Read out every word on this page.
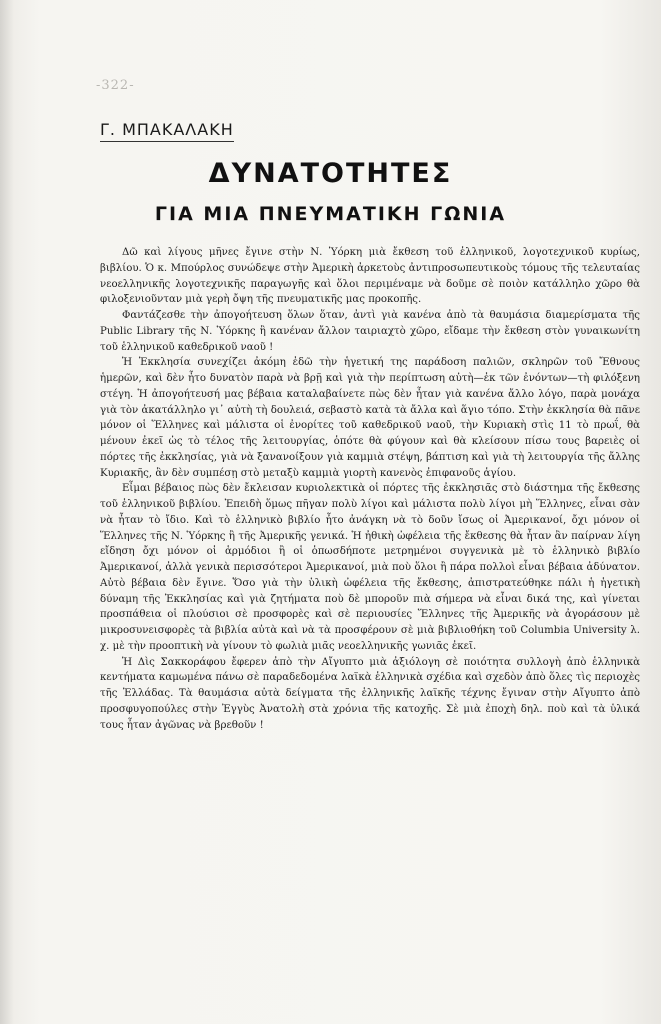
-322-
Γ. ΜΠΑΚΑΛΑΚΗ
ΔΥΝΑΤΟΤΗΤΕΣ
ΓΙΑ ΜΙΑ ΠΝΕΥΜΑΤΙΚΗ ΓΩΝΙΑ

Δῶ καὶ λίγους μῆνες ἔγινε στὴν Ν. Ὑόρκη μιὰ ἔκθεση τοῦ ἑλληνικοῦ, λογοτεχνικοῦ κυρίως, βιβλίου. Ὁ κ. Μπούρλος συνώδεψε στὴν Ἀμερικὴ ἀρκετοὺς ἀντιπροσωπευτικοὺς τόμους τῆς τελευταίας νεοελληνικῆς λογοτεχνικῆς παραγωγῆς καὶ ὅλοι περιμέναμε νὰ δοῦμε σὲ ποιὸν κατάλληλο χῶρο θὰ φιλοξενιοῦνταν μιὰ γερὴ ὄψη τῆς πνευματικῆς μας προκοπῆς.

Φαντάζεσθε τὴν ἀπογοήτευση ὅλων ὅταν, ἀντὶ γιὰ κανένα ἀπὸ τὰ θαυμάσια διαμερίσματα τῆς Public Library τῆς Ν. Ὑόρκης ἢ κανέναν ἄλλον ταιριαχτὸ χῶρο, εἴδαμε τὴν ἔκθεση στὸν γυναικωνίτη τοῦ ἑλληνικοῦ καθεδρικοῦ ναοῦ !

Ἡ Ἐκκλησία συνεχίζει ἀκόμη ἐδῶ τὴν ἡγετική της παράδοση παλιῶν, σκληρῶν τοῦ Ἔθνους ἡμερῶν, καὶ δὲν ἦτο δυνατὸν παρὰ νὰ βρῇ καὶ γιὰ τὴν περίπτωση αὐτὴ—ἐκ τῶν ἐνόντων—τὴ φιλόξενη στέγη. Ἡ ἀπογοήτευσή μας βέβαια καταλαβαίνετε πὼς δὲν ἦταν γιὰ κανένα ἄλλο λόγο, παρὰ μονάχα γιὰ τὸν ἀκατάλληλο γι᾽ αὐτὴ τὴ δουλειά, σεβαστὸ κατὰ τὰ ἄλλα καὶ ἅγιο τόπο. Στὴν ἐκκλησία θὰ πᾶνε μόνον οἱ Ἕλληνες καὶ μάλιστα οἱ ἐνορίτες τοῦ καθεδρικοῦ ναοῦ, τὴν Κυριακὴ στὶς 11 τὸ πρωΐ, θὰ μένουν ἐκεῖ ὡς τὸ τέλος τῆς λειτουργίας, ὁπότε θὰ φύγουν καὶ θὰ κλείσουν πίσω τους βαρειὲς οἱ πόρτες τῆς ἐκκλησίας, γιὰ νὰ ξανανοίξουν γιὰ καμμιὰ στέψη, βάπτιση καὶ γιὰ τὴ λειτουργία τῆς ἄλλης Κυριακῆς, ἂν δὲν συμπέσῃ στὸ μεταξὺ καμμιὰ γιορτὴ κανενὸς ἐπιφανοῦς ἁγίου.

Εἶμαι βέβαιος πὼς δὲν ἔκλεισαν κυριολεκτικὰ οἱ πόρτες τῆς ἐκκλησιᾶς στὸ διάστημα τῆς ἔκθεσης τοῦ ἑλληνικοῦ βιβλίου. Ἐπειδὴ ὅμως πῆγαν πολὺ λίγοι καὶ μάλιστα πολὺ λίγοι μὴ Ἕλληνες, εἶναι σὰν νὰ ἦταν τὸ ἴδιο. Καὶ τὸ ἑλληνικὸ βιβλίο ἦτο ἀνάγκη νὰ τὸ δοῦν ἴσως οἱ Ἀμερικανοί, ὄχι μόνον οἱ Ἕλληνες τῆς Ν. Ὑόρκης ἢ τῆς Ἀμερικῆς γενικά. Ἡ ἠθικὴ ὠφέλεια τῆς ἔκθεσης θὰ ἦταν ἂν παίρναν λίγη εἴδηση ὄχι μόνον οἱ ἁρμόδιοι ἢ οἱ ὁπωσδήποτε μετρημένοι συγγενικὰ μὲ τὸ ἑλληνικὸ βιβλίο Ἀμερικανοί, ἀλλὰ γενικὰ περισσότεροι Ἀμερικανοί, μιὰ ποὺ ὅλοι ἢ πάρα πολλοὶ εἶναι βέβαια ἀδύνατον. Αὐτὸ βέβαια δὲν ἔγινε. Ὅσο γιὰ τὴν ὑλικὴ ὠφέλεια τῆς ἔκθεσης, ἀπιστρατεύθηκε πάλι ἡ ἡγετικὴ δύναμη τῆς Ἐκκλησίας καὶ γιὰ ζητήματα ποὺ δὲ μποροῦν πιὰ σήμερα νὰ εἶναι δικά της, καὶ γίνεται προσπάθεια οἱ πλούσιοι σὲ προσφορὲς καὶ σὲ περιουσίες Ἕλληνες τῆς Ἀμερικῆς νὰ ἀγοράσουν μὲ μικροσυνεισφορὲς τὰ βιβλία αὐτὰ καὶ νὰ τὰ προσφέρουν σὲ μιὰ βιβλιοθήκη τοῦ Columbia University λ. χ. μὲ τὴν προοπτικὴ νὰ γίνουν τὸ φωλιὰ μιᾶς νεοελληνικῆς γωνιᾶς ἐκεῖ.

Ἡ Δὶς Σακκοράφου ἔφερεν ἀπὸ τὴν Αἴγυπτο μιὰ ἀξιόλογη σὲ ποιότητα συλλογὴ ἀπὸ ἑλληνικὰ κεντήματα καμωμένα πάνω σὲ παραδεδομένα λαϊκὰ ἑλληνικὰ σχέδια καὶ σχεδὸν ἀπὸ ὅλες τὶς περιοχὲς τῆς Ἑλλάδας. Τὰ θαυμάσια αὐτὰ δείγματα τῆς ἑλληνικῆς λαϊκῆς τέχνης ἔγιναν στὴν Αἴγυπτο ἀπὸ προσφυγοπούλες στὴν Ἐγγὺς Ἀνατολὴ στὰ χρόνια τῆς κατοχῆς. Σὲ μιὰ ἐποχὴ δηλ. ποὺ καὶ τὰ ὑλικά τους ἦταν ἀγῶνας νὰ βρεθοῦν !
